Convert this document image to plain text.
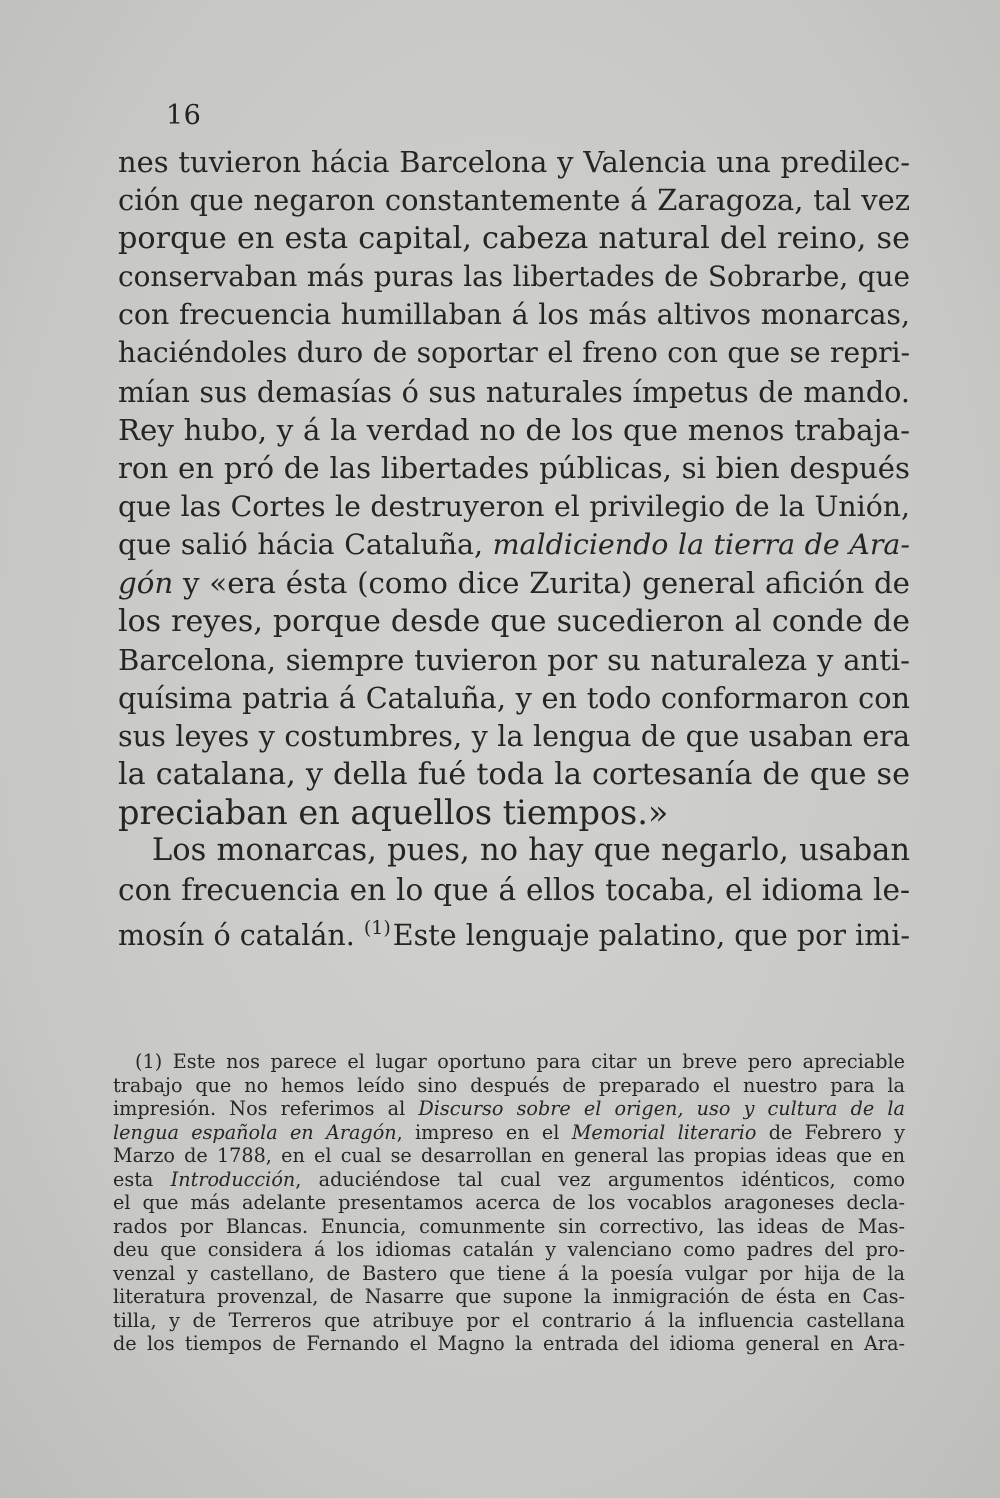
16
nes tuvieron hácia Barcelona y Valencia una predilec-
ción que negaron constantemente á Zaragoza, tal vez
porque en esta capital, cabeza natural del reino, se
conservaban más puras las libertades de Sobrarbe, que
con frecuencia humillaban á los más altivos monarcas,
haciéndoles duro de soportar el freno con que se repri-
mían sus demasías ó sus naturales ímpetus de mando.
Rey hubo, y á la verdad no de los que menos trabaja-
ron en pró de las libertades públicas, si bien después
que las Cortes le destruyeron el privilegio de la Unión,
que salió hácia Cataluña, maldiciendo la tierra de Ara-
gón y «era ésta (como dice Zurita) general afición de
los reyes, porque desde que sucedieron al conde de
Barcelona, siempre tuvieron por su naturaleza y anti-
quísima patria á Cataluña, y en todo conformaron con
sus leyes y costumbres, y la lengua de que usaban era
la catalana, y della fué toda la cortesanía de que se
preciaban en aquellos tiempos.»
Los monarcas, pues, no hay que negarlo, usaban
con frecuencia en lo que á ellos tocaba, el idioma le-
mosín ó catalán. $^{(1)}$Este lenguaje palatino, que por imi-
(1) Este nos parece el lugar oportuno para citar un breve pero apreciable
trabajo que no hemos leído sino después de preparado el nuestro para la
impresión. Nos referimos al Discurso sobre el origen, uso y cultura de la
lengua española en Aragón, impreso en el Memorial literario de Febrero y
Marzo de 1788, en el cual se desarrollan en general las propias ideas que en
esta Introducción, aduciéndose tal cual vez argumentos idénticos, como
el que más adelante presentamos acerca de los vocablos aragoneses decla-
rados por Blancas. Enuncia, comunmente sin correctivo, las ideas de Mas-
deu que considera á los idiomas catalán y valenciano como padres del pro-
venzal y castellano, de Bastero que tiene á la poesía vulgar por hija de la
literatura provenzal, de Nasarre que supone la inmigración de ésta en Cas-
tilla, y de Terreros que atribuye por el contrario á la influencia castellana
de los tiempos de Fernando el Magno la entrada del idioma general en Ara-
